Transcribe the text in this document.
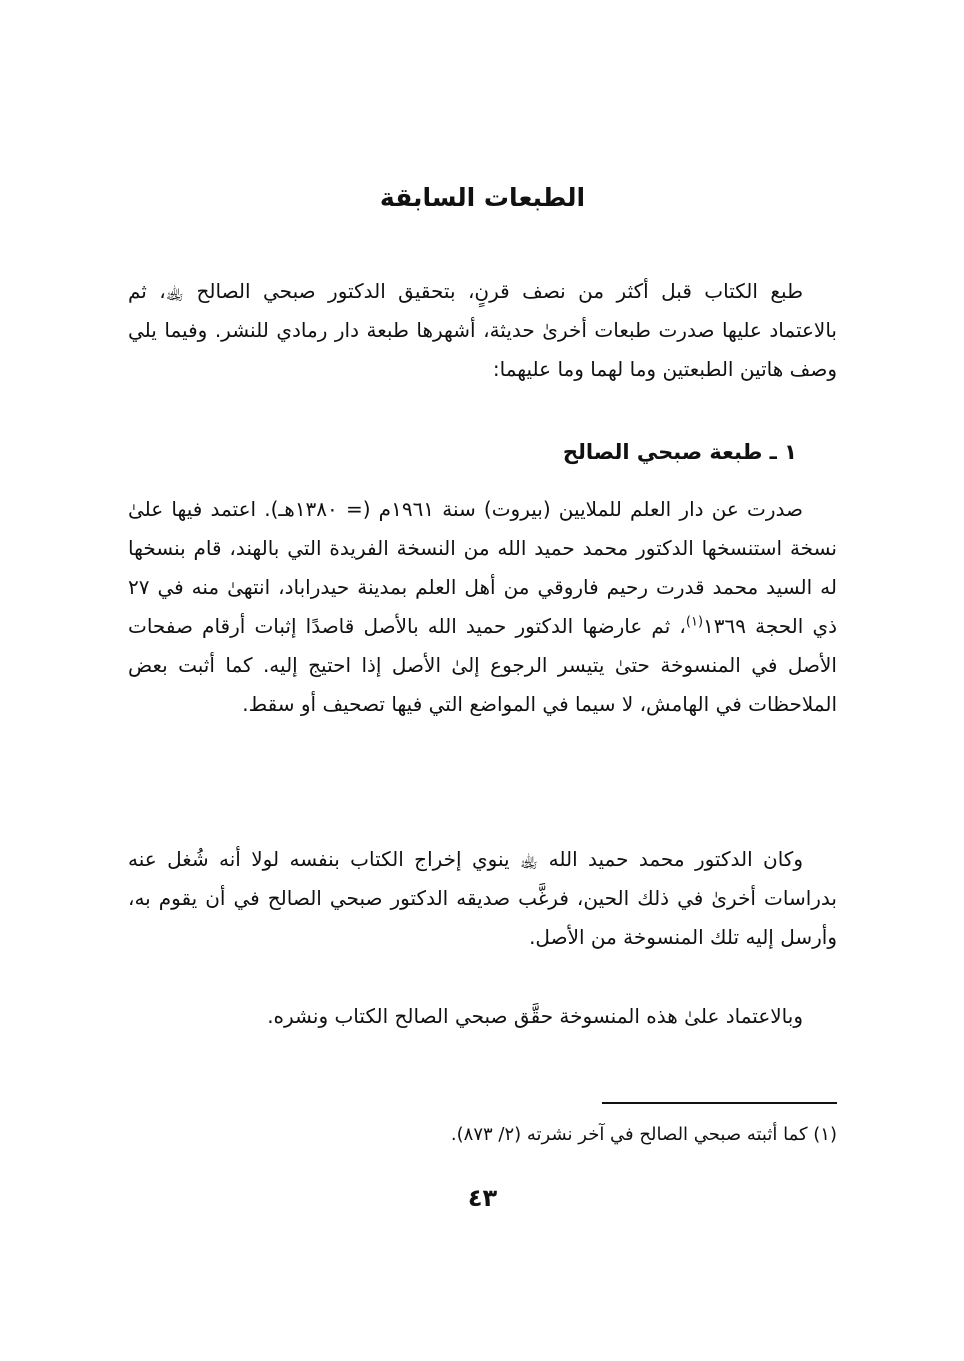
الطبعات السابقة

طبع الكتاب قبل أكثر من نصف قرنٍ، بتحقيق الدكتور صبحي الصالح ﵀، ثم بالاعتماد عليها صدرت طبعات أخرىٰ حديثة، أشهرها طبعة دار رمادي للنشر. وفيما يلي وصف هاتين الطبعتين وما لهما وما عليهما:

١ ـ طبعة صبحي الصالح

صدرت عن دار العلم للملايين (بيروت) سنة ١٩٦١م (= ١٣٨٠هـ). اعتمد فيها علىٰ نسخة استنسخها الدكتور محمد حميد الله من النسخة الفريدة التي بالهند، قام بنسخها له السيد محمد قدرت رحيم فاروقي من أهل العلم بمدينة حيدراباد، انتهىٰ منه في ٢٧ ذي الحجة ١٣٦٩$^{(١)}$، ثم عارضها الدكتور حميد الله بالأصل قاصدًا إثبات أرقام صفحات الأصل في المنسوخة حتىٰ يتيسر الرجوع إلىٰ الأصل إذا احتيج إليه. كما أثبت بعض الملاحظات في الهامش، لا سيما في المواضع التي فيها تصحيف أو سقط.

وكان الدكتور محمد حميد الله ﵀ ينوي إخراج الكتاب بنفسه لولا أنه شُغل عنه بدراسات أخرىٰ في ذلك الحين، فرغَّب صديقه الدكتور صبحي الصالح في أن يقوم به، وأرسل إليه تلك المنسوخة من الأصل.

وبالاعتماد علىٰ هذه المنسوخة حقَّق صبحي الصالح الكتاب ونشره.

(١) كما أثبته صبحي الصالح في آخر نشرته (٢/ ٨٧٣).

٤٣
